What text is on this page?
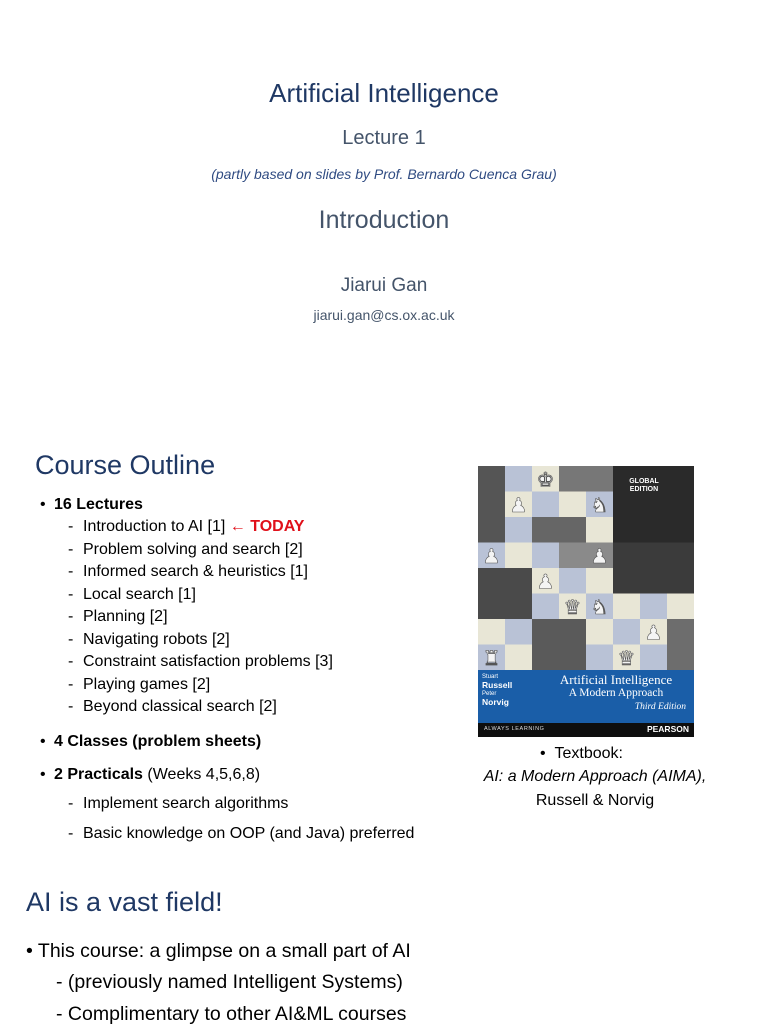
Artificial Intelligence
Lecture 1
(partly based on slides by Prof. Bernardo Cuenca Grau)
Introduction
Jiarui Gan
jiarui.gan@cs.ox.ac.uk
Course Outline
• 16 Lectures
- Introduction to AI [1] ← TODAY
- Problem solving and search [2]
- Informed search & heuristics [1]
- Local search [1]
- Planning [2]
- Navigating robots [2]
- Constraint satisfaction problems [3]
- Playing games [2]
- Beyond classical search [2]
• 4 Classes (problem sheets)
• 2 Practicals (Weeks 4,5,6,8)
- Implement search algorithms
- Basic knowledge on OOP (and Java) preferred
♟
♚
♞
♟	♟
♟
♛ ♞
♟
♜	♛
GLOBAL EDITION
Stuart
Russell

Peter
Norvig
Artificial Intelligence
A Modern Approach
Third Edition
ALWAYS LEARNING	PEARSON
•  Textbook:
AI: a Modern Approach (AIMA),
Russell & Norvig
AI is a vast field!
• This course: a glimpse on a small part of AI
- (previously named Intelligent Systems)
- Complimentary to other AI&ML courses
